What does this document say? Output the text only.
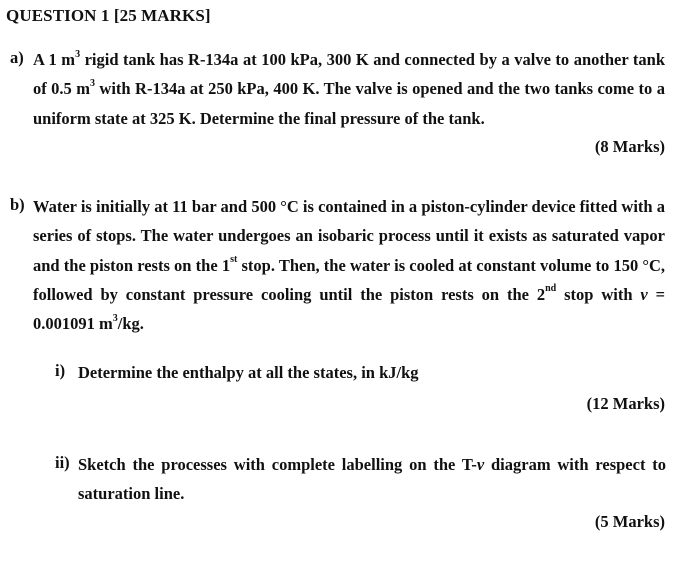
QUESTION 1 [25 MARKS]
a) A 1 $m^3$ rigid tank has R-134a at 100 kPa, 300 K and connected by a valve to another tank of 0.5 $m^3$ with R-134a at 250 kPa, 400 K. The valve is opened and the two tanks come to a uniform state at 325 K. Determine the final pressure of the tank.
(8 Marks)
b) Water is initially at 11 bar and 500 °C is contained in a piston-cylinder device fitted with a series of stops. The water undergoes an isobaric process until it exists as saturated vapor and the piston rests on the 1st stop. Then, the water is cooled at constant volume to 150 °C, followed by constant pressure cooling until the piston rests on the 2nd stop with v = 0.001091 $m^3/kg$.
i) Determine the enthalpy at all the states, in kJ/kg
(12 Marks)
ii) Sketch the processes with complete labelling on the T-v diagram with respect to saturation line.
(5 Marks)
